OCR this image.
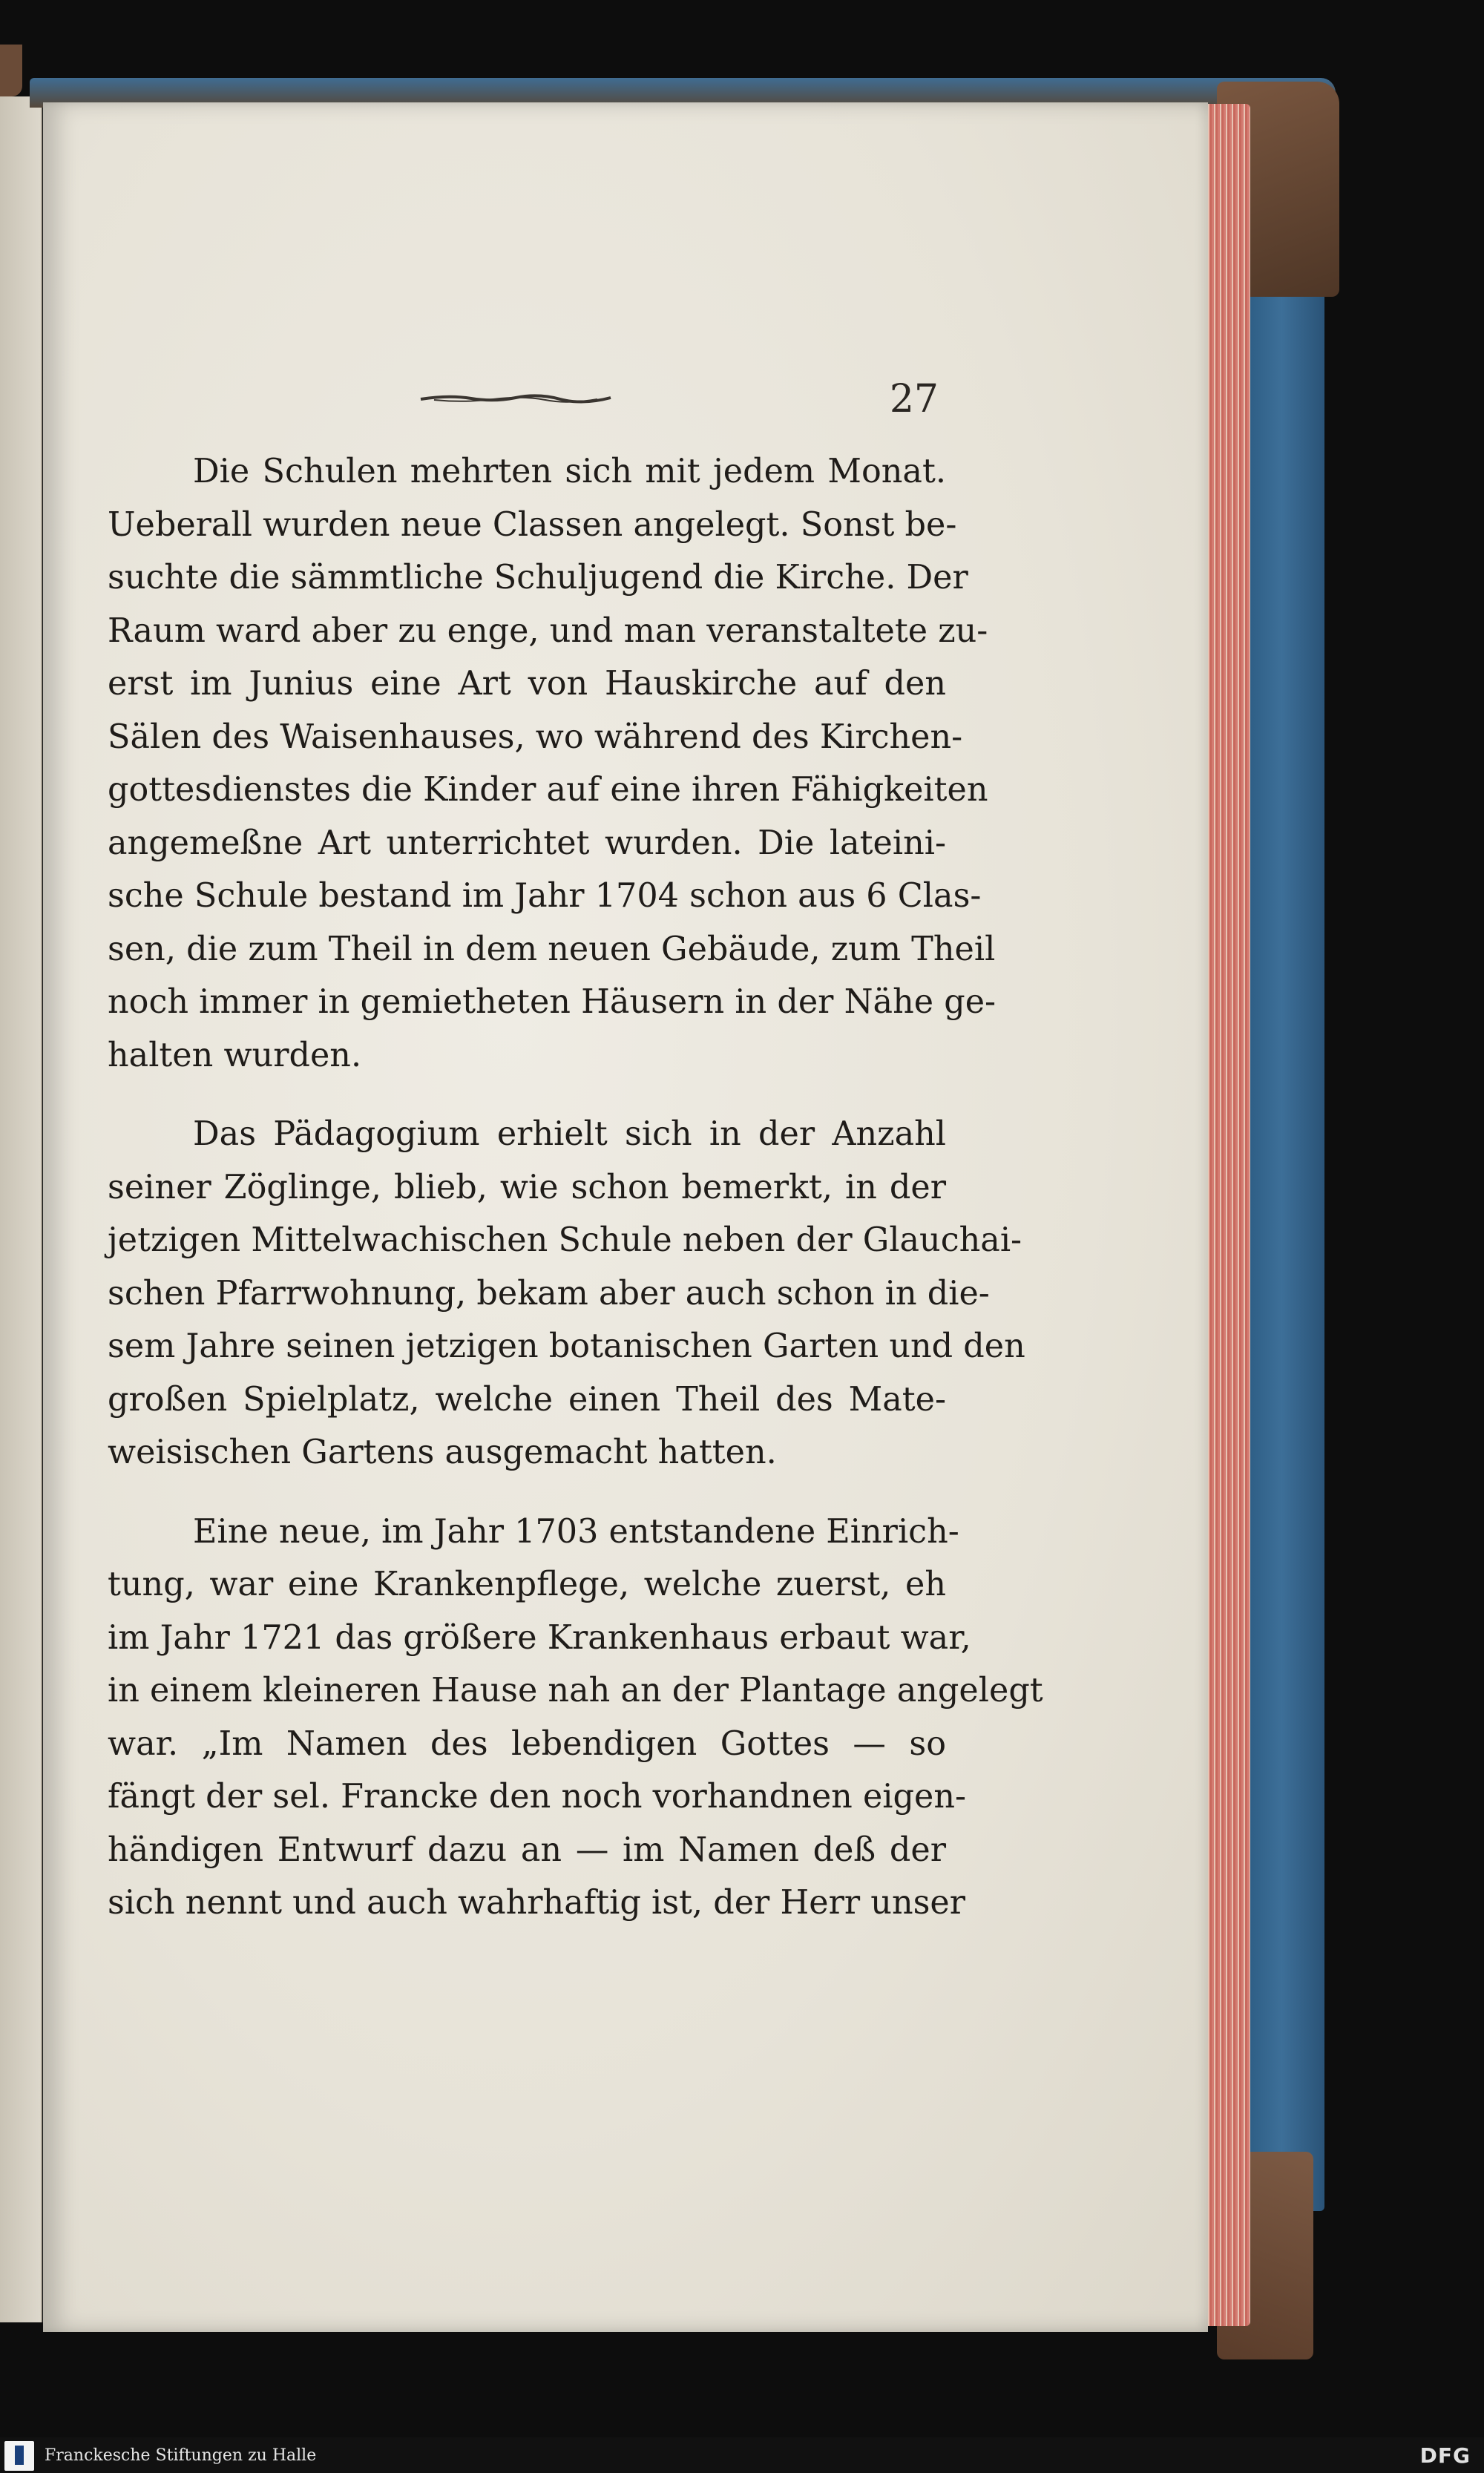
27
Die Schulen mehrten sich mit jedem Monat.
Ueberall wurden neue Classen angelegt. Sonst be-
suchte die sämmtliche Schuljugend die Kirche. Der
Raum ward aber zu enge, und man veranstaltete zu-
erst im Junius eine Art von Hauskirche auf den
Sälen des Waisenhauses, wo während des Kirchen-
gottesdienstes die Kinder auf eine ihren Fähigkeiten
angemeßne Art unterrichtet wurden. Die lateini-
sche Schule bestand im Jahr 1704 schon aus 6 Clas-
sen, die zum Theil in dem neuen Gebäude, zum Theil
noch immer in gemietheten Häusern in der Nähe ge-
halten wurden.
Das Pädagogium erhielt sich in der Anzahl
seiner Zöglinge, blieb, wie schon bemerkt, in der
jetzigen Mittelwachischen Schule neben der Glauchai-
schen Pfarrwohnung, bekam aber auch schon in die-
sem Jahre seinen jetzigen botanischen Garten und den
großen Spielplatz, welche einen Theil des Mate-
weisischen Gartens ausgemacht hatten.
Eine neue, im Jahr 1703 entstandene Einrich-
tung, war eine Krankenpflege, welche zuerst, eh
im Jahr 1721 das größere Krankenhaus erbaut war,
in einem kleineren Hause nah an der Plantage angelegt
war. „Im Namen des lebendigen Gottes — so
fängt der sel. Francke den noch vorhandnen eigen-
händigen Entwurf dazu an — im Namen deß der
sich nennt und auch wahrhaftig ist, der Herr unser
Franckesche Stiftungen zu Halle	DFG
